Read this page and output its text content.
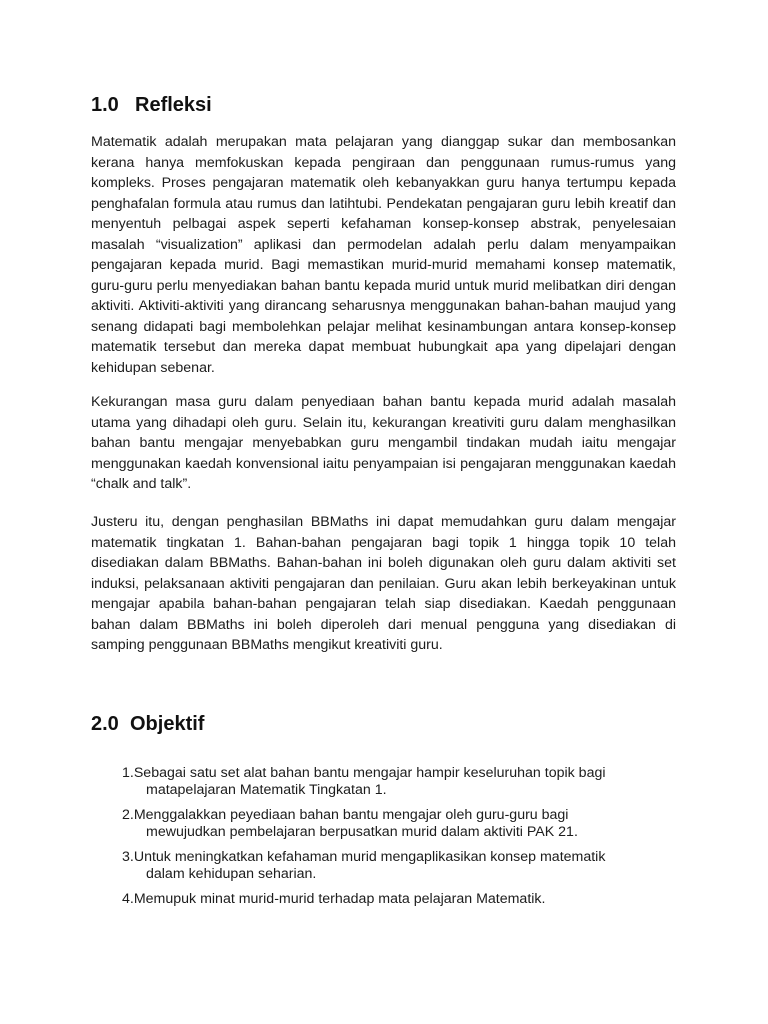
1.0 Refleksi

Matematik adalah merupakan mata pelajaran yang dianggap sukar dan membosankan kerana hanya memfokuskan kepada pengiraan dan penggunaan rumus-rumus yang kompleks. Proses pengajaran matematik oleh kebanyakkan guru hanya tertumpu kepada penghafalan formula atau rumus dan latihtubi. Pendekatan pengajaran guru lebih kreatif dan menyentuh pelbagai aspek seperti kefahaman konsep-konsep abstrak, penyelesaian masalah “visualization” aplikasi dan permodelan adalah perlu dalam menyampaikan pengajaran kepada murid. Bagi memastikan murid-murid memahami konsep matematik, guru-guru perlu menyediakan bahan bantu kepada murid untuk murid melibatkan diri dengan aktiviti. Aktiviti-aktiviti yang dirancang seharusnya menggunakan bahan-bahan maujud yang senang didapati bagi membolehkan pelajar melihat kesinambungan antara konsep-konsep matematik tersebut dan mereka dapat membuat hubungkait apa yang dipelajari dengan kehidupan sebenar.

Kekurangan masa guru dalam penyediaan bahan bantu kepada murid adalah masalah utama yang dihadapi oleh guru. Selain itu, kekurangan kreativiti guru dalam menghasilkan bahan bantu mengajar menyebabkan guru mengambil tindakan mudah iaitu mengajar menggunakan kaedah konvensional iaitu penyampaian isi pengajaran menggunakan kaedah “chalk and talk”.

Justeru itu, dengan penghasilan BBMaths ini dapat memudahkan guru dalam mengajar matematik tingkatan 1. Bahan-bahan pengajaran bagi topik 1 hingga topik 10 telah disediakan dalam BBMaths. Bahan-bahan ini boleh digunakan oleh guru dalam aktiviti set induksi, pelaksanaan aktiviti pengajaran dan penilaian. Guru akan lebih berkeyakinan untuk mengajar apabila bahan-bahan pengajaran telah siap disediakan. Kaedah penggunaan bahan dalam BBMaths ini boleh diperoleh dari menual pengguna yang disediakan di samping penggunaan BBMaths mengikut kreativiti guru.

2.0 Objektif
1.Sebagai satu set alat bahan bantu mengajar hampir keseluruhan topik bagi matapelajaran Matematik Tingkatan 1.
2.Menggalakkan peyediaan bahan bantu mengajar oleh guru-guru bagi mewujudkan pembelajaran berpusatkan murid dalam aktiviti PAK 21.
3.Untuk meningkatkan kefahaman murid mengaplikasikan konsep matematik dalam kehidupan seharian.
4.Memupuk minat murid-murid terhadap mata pelajaran Matematik.
